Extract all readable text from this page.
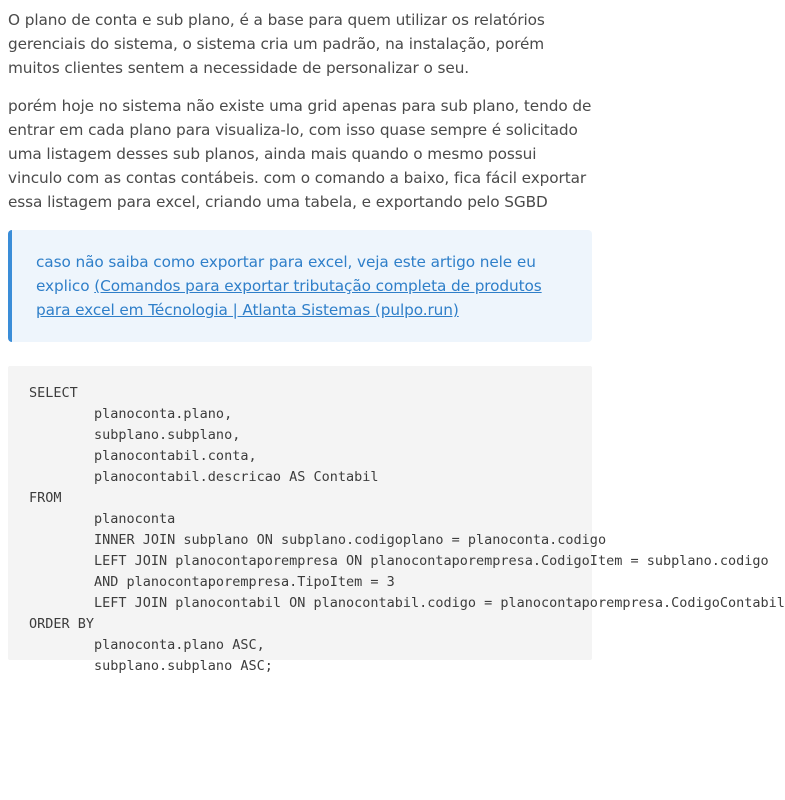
O plano de conta e sub plano, é a base para quem utilizar os relatórios gerenciais do sistema, o sistema cria um padrão, na instalação, porém muitos clientes sentem a necessidade de personalizar o seu.

porém hoje no sistema não existe uma grid apenas para sub plano, tendo de entrar em cada plano para visualiza-lo, com isso quase sempre é solicitado uma listagem desses sub planos, ainda mais quando o mesmo possui vinculo com as contas contábeis. com o comando a baixo, fica fácil exportar essa listagem para excel, criando uma tabela, e exportando pelo SGBD

caso não saiba como exportar para excel, veja este artigo nele eu explico (Comandos para exportar tributação completa de produtos para excel em Técnologia | Atlanta Sistemas (pulpo.run)
SELECT
planoconta.plano,
subplano.subplano,
planocontabil.conta,
planocontabil.descricao AS Contabil
FROM
planoconta
INNER JOIN subplano ON subplano.codigoplano = planoconta.codigo
LEFT JOIN planocontaporempresa ON planocontaporempresa.CodigoItem = subplano.codigo
AND planocontaporempresa.TipoItem = 3
LEFT JOIN planocontabil ON planocontabil.codigo = planocontaporempresa.CodigoContabil
ORDER BY
planoconta.plano ASC,
subplano.subplano ASC;
